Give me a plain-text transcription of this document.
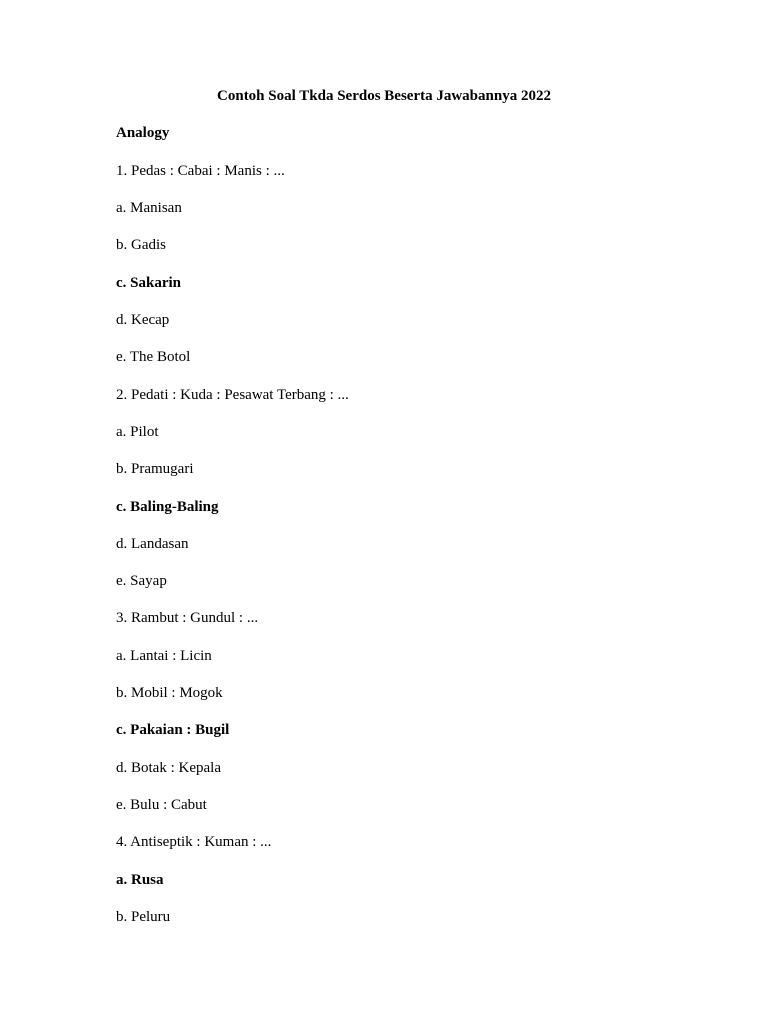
Contoh Soal Tkda Serdos Beserta Jawabannya 2022
Analogy
1. Pedas : Cabai : Manis : ...
a. Manisan
b. Gadis
c. Sakarin
d. Kecap
e. The Botol
2. Pedati : Kuda : Pesawat Terbang : ...
a. Pilot
b. Pramugari
c. Baling-Baling
d. Landasan
e. Sayap
3. Rambut : Gundul : ...
a. Lantai : Licin
b. Mobil : Mogok
c. Pakaian : Bugil
d. Botak : Kepala
e. Bulu : Cabut
4. Antiseptik : Kuman : ...
a. Rusa
b. Peluru
